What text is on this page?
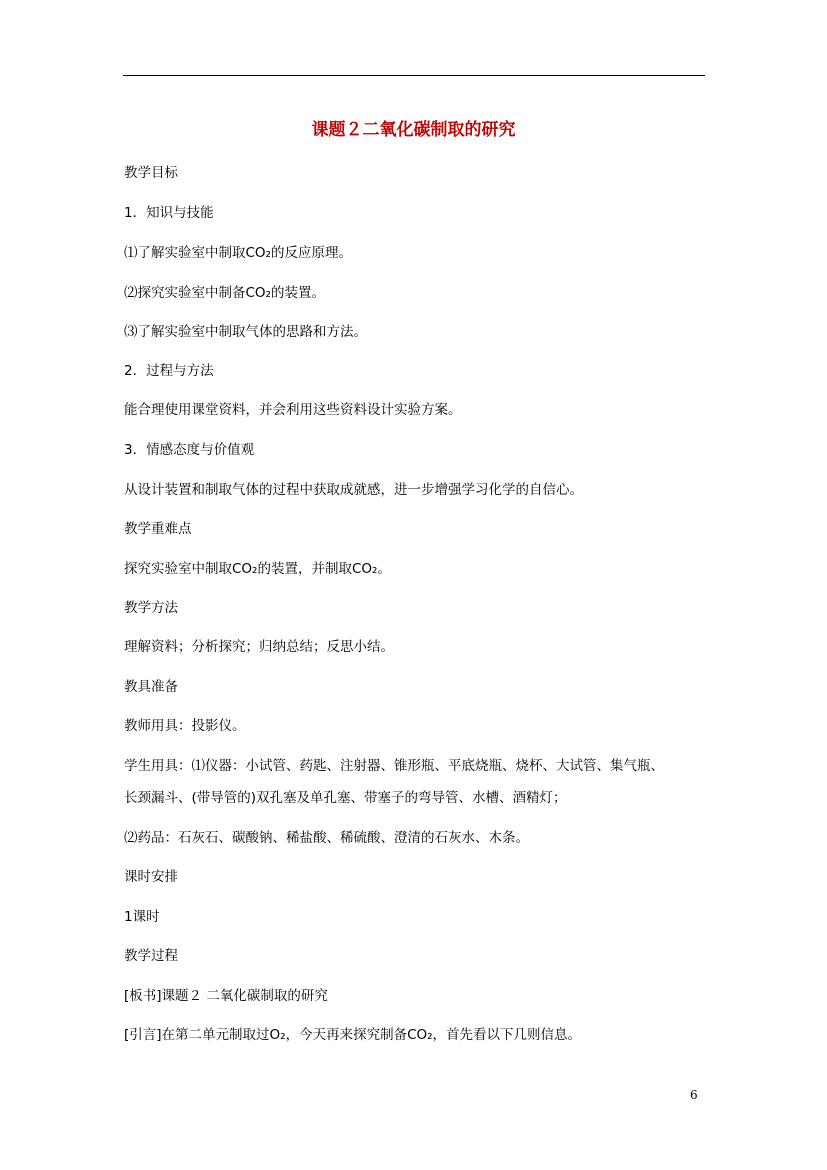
课题２二氧化碳制取的研究
教学目标
1．知识与技能
⑴了解实验室中制取CO₂的反应原理。
⑵探究实验室中制备CO₂的装置。
⑶了解实验室中制取气体的思路和方法。
2．过程与方法
能合理使用课堂资料，并会利用这些资料设计实验方案。
3．情感态度与价值观
从设计装置和制取气体的过程中获取成就感，进一步增强学习化学的自信心。
教学重难点
探究实验室中制取CO₂的装置，并制取CO₂。
教学方法
理解资料；分析探究；归纳总结；反思小结。
教具准备
教师用具：投影仪。
学生用具：⑴仪器：小试管、药匙、注射器、锥形瓶、平底烧瓶、烧杯、大试管、集气瓶、
长颈漏斗、(带导管的)双孔塞及单孔塞、带塞子的弯导管、水槽、酒精灯；
⑵药品：石灰石、碳酸钠、稀盐酸、稀硫酸、澄清的石灰水、木条。
课时安排
1课时
教学过程
[板书]课题２ 二氧化碳制取的研究
[引言]在第二单元制取过O₂，今天再来探究制备CO₂，首先看以下几则信息。
6
